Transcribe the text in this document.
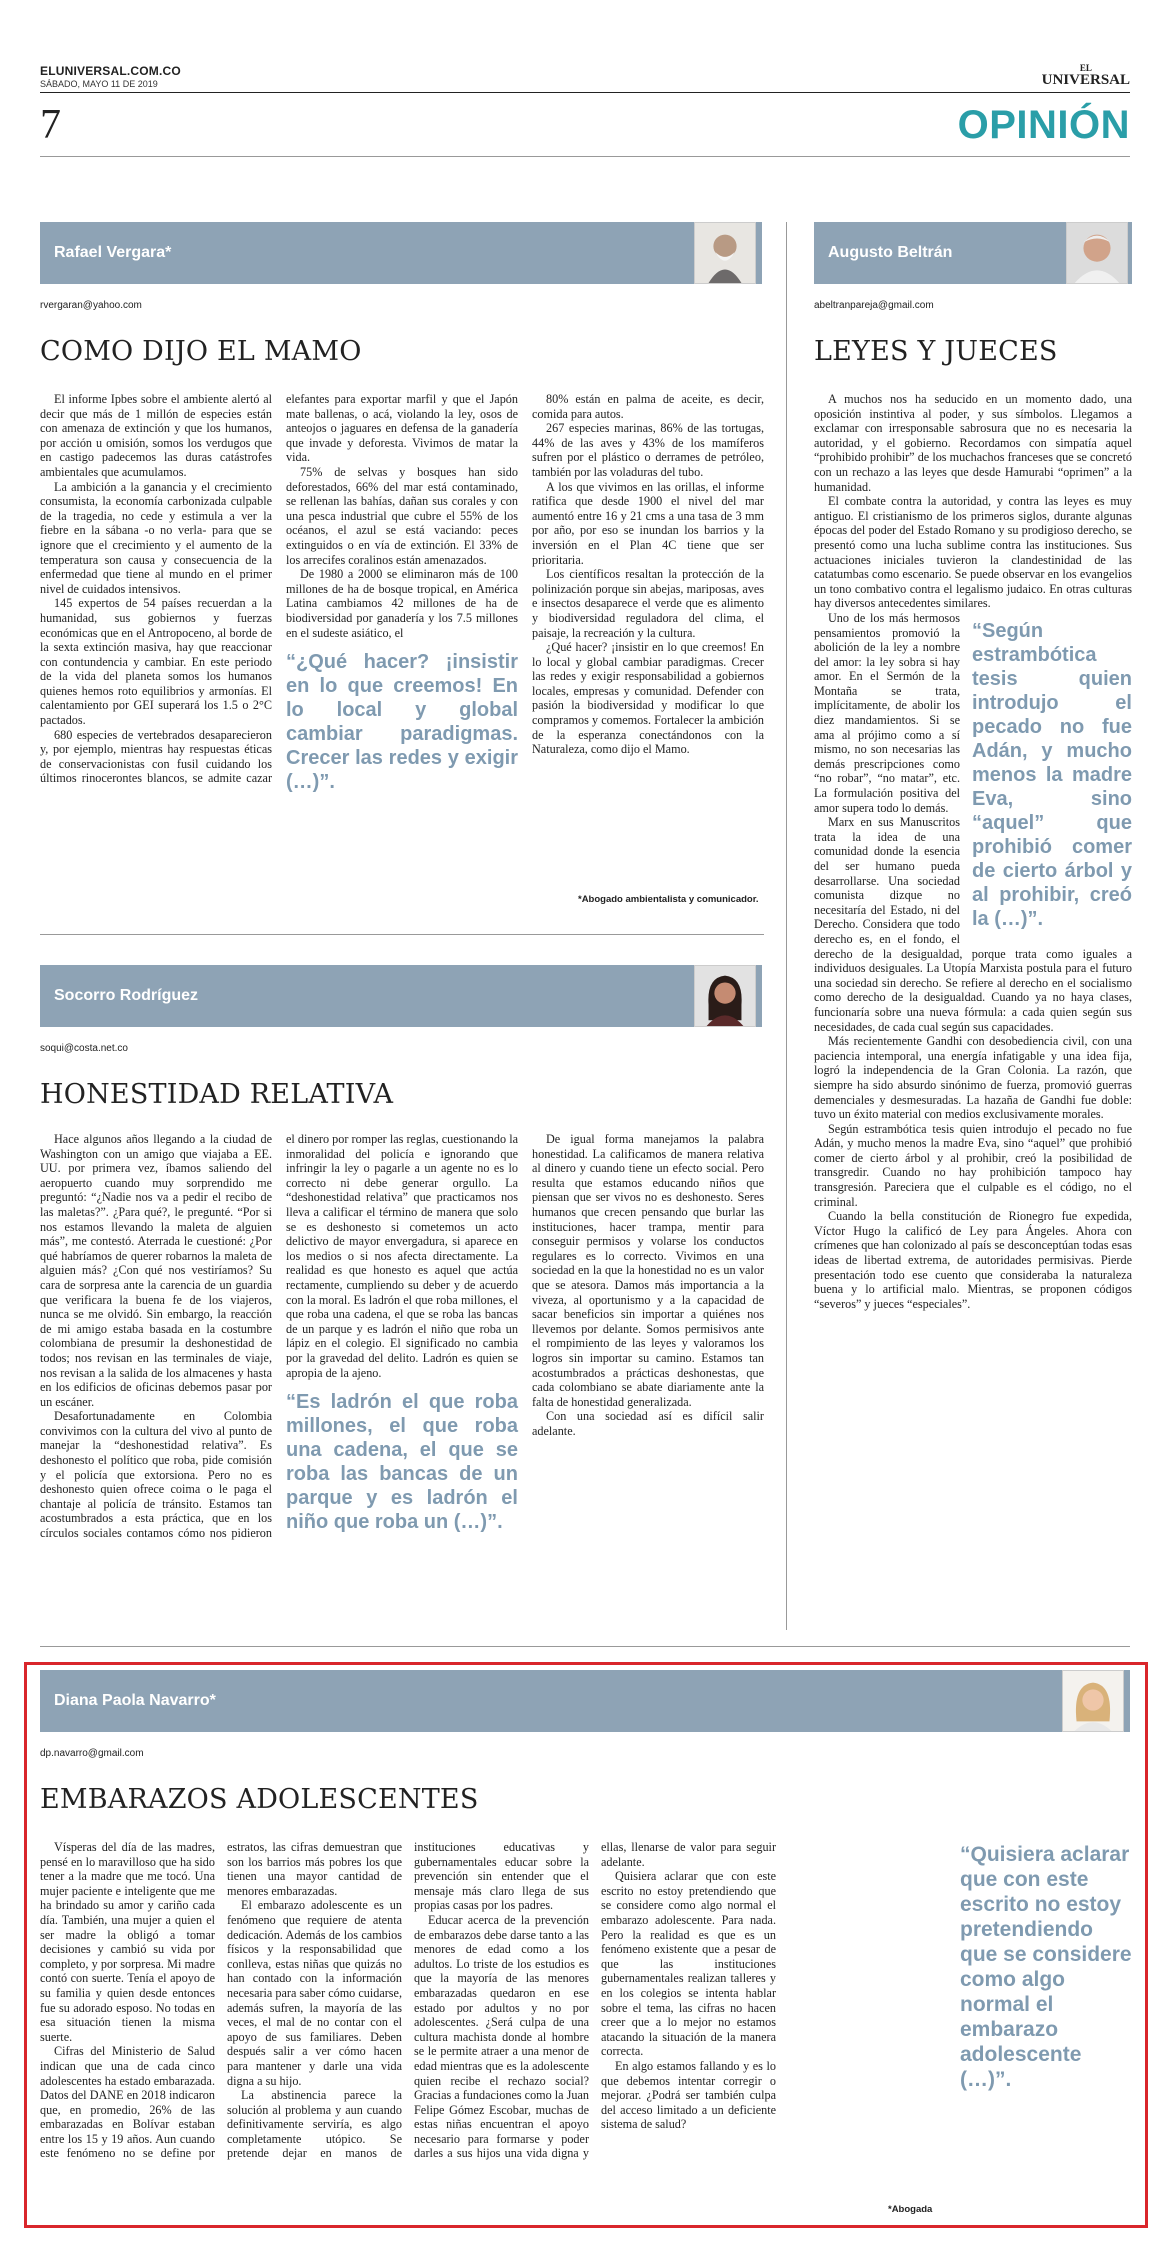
ELUNIVERSAL.COM.CO
SÁBADO, MAYO 11 DE 2019
EL
UNIVERSAL
7	OPINIÓN
Rafael Vergara*
rvergaran@yahoo.com
COMO DIJO EL MAMO

El informe Ipbes sobre el ambiente alertó al decir que más de 1 millón de especies están con amenaza de extinción y que los humanos, por acción u omisión, somos los verdugos que en castigo padecemos las duras catástrofes ambientales que acumulamos.

La ambición a la ganancia y el crecimiento consumista, la economía carbonizada culpable de la tragedia, no cede y estimula a ver la fiebre en la sábana -o no verla- para que se ignore que el crecimiento y el aumento de la temperatura son causa y consecuencia de la enfermedad que tiene al mundo en el primer nivel de cuidados intensivos.

145 expertos de 54 países recuerdan a la humanidad, sus gobiernos y fuerzas económicas que en el Antropoceno, al borde de la sexta extinción masiva, hay que reaccionar con contundencia y cambiar. En este periodo de la vida del planeta somos los humanos quienes hemos roto equilibrios y armonías. El calentamiento por GEI superará los 1.5 o 2°C pactados.

680 especies de vertebrados desaparecieron y, por ejemplo, mientras hay respuestas éticas de conservacionistas con fusil cuidando los últimos rinocerontes blancos, se admite cazar elefantes para exportar marfil y que el Japón mate ballenas, o acá, violando la ley, osos de anteojos o jaguares en defensa de la ganadería que invade y deforesta. Vivimos de matar la vida.

75% de selvas y bosques han sido deforestados, 66% del mar está contaminado, se rellenan las bahías, dañan sus corales y con una pesca industrial que cubre el 55% de los océanos, el azul se está vaciando: peces extinguidos o en vía de extinción. El 33% de los arrecifes coralinos están amenazados.

De 1980 a 2000 se eliminaron más de 100 millones de ha de bosque tropical, en América Latina cambiamos 42 millones de ha de biodiversidad por ganadería y los 7.5 millones en el sudeste asiático, el

“¿Qué hacer? ¡insistir en lo que creemos! En lo local y global cambiar paradigmas. Crecer las redes y exigir (…)”.

80% están en palma de aceite, es decir, comida para autos.

267 especies marinas, 86% de las tortugas, 44% de las aves y 43% de los mamíferos sufren por el plástico o derrames de petróleo, también por las voladuras del tubo.

A los que vivimos en las orillas, el informe ratifica que desde 1900 el nivel del mar aumentó entre 16 y 21 cms a una tasa de 3 mm por año, por eso se inundan los barrios y la inversión en el Plan 4C tiene que ser prioritaria.

Los científicos resaltan la protección de la polinización porque sin abejas, mariposas, aves e insectos desaparece el verde que es alimento y biodiversidad reguladora del clima, el paisaje, la recreación y la cultura.

¿Qué hacer? ¡insistir en lo que creemos! En lo local y global cambiar paradigmas. Crecer las redes y exigir responsabilidad a gobiernos locales, empresas y comunidad. Defender con pasión la biodiversidad y modificar lo que compramos y comemos. Fortalecer la ambición de la esperanza conectándonos con la Naturaleza, como dijo el Mamo.

*Abogado ambientalista y comunicador.
Augusto Beltrán
abeltranpareja@gmail.com
LEYES Y JUECES

A muchos nos ha seducido en un momento dado, una oposición instintiva al poder, y sus símbolos. Llegamos a exclamar con irresponsable sabrosura que no es necesaria la autoridad, y el gobierno. Recordamos con simpatía aquel “prohibido prohibir” de los muchachos franceses que se concretó con un rechazo a las leyes que desde Hamurabi “oprimen” a la humanidad.

El combate contra la autoridad, y contra las leyes es muy antiguo. El cristianismo de los primeros siglos, durante algunas épocas del poder del Estado Romano y su prodigioso derecho, se presentó como una lucha sublime contra las instituciones. Sus actuaciones iniciales tuvieron la clandestinidad de las catatumbas como escenario. Se puede observar en los evangelios un tono combativo contra el legalismo judaico. En otras culturas hay diversos antecedentes similares.

“Según estrambótica tesis quien introdujo el pecado no fue Adán, y mucho menos la madre Eva, sino “aquel” que prohibió comer de cierto árbol y al prohibir, creó la (…)”.

Uno de los más hermosos pensamientos promovió la abolición de la ley a nombre del amor: la ley sobra si hay amor. En el Sermón de la Montaña se trata, implícitamente, de abolir los diez mandamientos. Si se ama al prójimo como a sí mismo, no son necesarias las demás prescripciones como “no robar”, “no matar”, etc. La formulación positiva del amor supera todo lo demás.

Marx en sus Manuscritos trata la idea de una comunidad donde la esencia del ser humano pueda desarrollarse. Una sociedad comunista dizque no necesitaría del Estado, ni del Derecho. Considera que todo derecho es, en el fondo, el derecho de la desigualdad, porque trata como iguales a individuos desiguales. La Utopía Marxista postula para el futuro una sociedad sin derecho. Se refiere al derecho en el socialismo como derecho de la desigualdad. Cuando ya no haya clases, funcionaría sobre una nueva fórmula: a cada quien según sus necesidades, de cada cual según sus capacidades.

Más recientemente Gandhi con desobediencia civil, con una paciencia intemporal, una energía infatigable y una idea fija, logró la independencia de la Gran Colonia. La razón, que siempre ha sido absurdo sinónimo de fuerza, promovió guerras demenciales y desmesuradas. La hazaña de Gandhi fue doble: tuvo un éxito material con medios exclusivamente morales.

Según estrambótica tesis quien introdujo el pecado no fue Adán, y mucho menos la madre Eva, sino “aquel” que prohibió comer de cierto árbol y al prohibir, creó la posibilidad de transgredir. Cuando no hay prohibición tampoco hay transgresión. Pareciera que el culpable es el código, no el criminal.

Cuando la bella constitución de Rionegro fue expedida, Víctor Hugo la calificó de Ley para Ángeles. Ahora con crímenes que han colonizado al país se desconceptúan todas esas ideas de libertad extrema, de autoridades permisivas. Pierde presentación todo ese cuento que consideraba la naturaleza buena y lo artificial malo. Mientras, se proponen códigos “severos” y jueces “especiales”.

Socorro Rodríguez
soqui@costa.net.co
HONESTIDAD RELATIVA

Hace algunos años llegando a la ciudad de Washington con un amigo que viajaba a EE. UU. por primera vez, íbamos saliendo del aeropuerto cuando muy sorprendido me preguntó: “¿Nadie nos va a pedir el recibo de las maletas?”. ¿Para qué?, le pregunté. “Por si nos estamos llevando la maleta de alguien más”, me contestó. Aterrada le cuestioné: ¿Por qué habríamos de querer robarnos la maleta de alguien más? ¿Con qué nos vestiríamos? Su cara de sorpresa ante la carencia de un guardia que verificara la buena fe de los viajeros, nunca se me olvidó. Sin embargo, la reacción de mi amigo estaba basada en la costumbre colombiana de presumir la deshonestidad de todos; nos revisan en las terminales de viaje, nos revisan a la salida de los almacenes y hasta en los edificios de oficinas debemos pasar por un escáner.

Desafortunadamente en Colombia convivimos con la cultura del vivo al punto de manejar la “deshonestidad relativa”. Es deshonesto el político que roba, pide comisión y el policía que extorsiona. Pero no es deshonesto quien ofrece coima o le paga el chantaje al policía de tránsito. Estamos tan acostumbrados a esta práctica, que en los círculos sociales contamos cómo nos pidieron el dinero por romper las reglas, cuestionando la inmoralidad del policía e ignorando que infringir la ley o pagarle a un agente no es lo correcto ni debe generar orgullo. La “deshonestidad relativa” que practicamos nos lleva a calificar el término de manera que solo se es deshonesto si cometemos un acto delictivo de mayor envergadura, si aparece en los medios o si nos afecta directamente. La realidad es que honesto es aquel que actúa rectamente, cumpliendo su deber y de acuerdo con la moral. Es ladrón el que roba millones, el que roba una cadena, el que se roba las bancas de un parque y es ladrón el niño que roba un lápiz en el colegio. El significado no cambia por la gravedad del delito. Ladrón es quien se apropia de la ajeno.

“Es ladrón el que roba millones, el que roba una cadena, el que se roba las bancas de un parque y es ladrón el niño que roba un (…)”.

De igual forma manejamos la palabra honestidad. La calificamos de manera relativa al dinero y cuando tiene un efecto social. Pero resulta que estamos educando niños que piensan que ser vivos no es deshonesto. Seres humanos que crecen pensando que burlar las instituciones, hacer trampa, mentir para conseguir permisos y volarse los conductos regulares es lo correcto. Vivimos en una sociedad en la que la honestidad no es un valor que se atesora. Damos más importancia a la viveza, al oportunismo y a la capacidad de sacar beneficios sin importar a quiénes nos llevemos por delante. Somos permisivos ante el rompimiento de las leyes y valoramos los logros sin importar su camino. Estamos tan acostumbrados a prácticas deshonestas, que cada colombiano se abate diariamente ante la falta de honestidad generalizada.

Con una sociedad así es difícil salir adelante.

Diana Paola Navarro*
dp.navarro@gmail.com
EMBARAZOS ADOLESCENTES

Vísperas del día de las madres, pensé en lo maravilloso que ha sido tener a la madre que me tocó. Una mujer paciente e inteligente que me ha brindado su amor y cariño cada día. También, una mujer a quien el ser madre la obligó a tomar decisiones y cambió su vida por completo, y por sorpresa. Mi madre contó con suerte. Tenía el apoyo de su familia y quien desde entonces fue su adorado esposo. No todas en esa situación tienen la misma suerte.

Cifras del Ministerio de Salud indican que una de cada cinco adolescentes ha estado embarazada. Datos del DANE en 2018 indicaron que, en promedio, 26% de las embarazadas en Bolívar estaban entre los 15 y 19 años. Aun cuando este fenómeno no se define por estratos, las cifras demuestran que son los barrios más pobres los que tienen una mayor cantidad de menores embarazadas.

El embarazo adolescente es un fenómeno que requiere de atenta dedicación. Además de los cambios físicos y la responsabilidad que conlleva, estas niñas que quizás no han contado con la información necesaria para saber cómo cuidarse, además sufren, la mayoría de las veces, el mal de no contar con el apoyo de sus familiares. Deben después salir a ver cómo hacen para mantener y darle una vida digna a su hijo.

La abstinencia parece la solución al problema y aun cuando definitivamente serviría, es algo completamente utópico. Se pretende dejar en manos de instituciones educativas y gubernamentales educar sobre la prevención sin entender que el mensaje más claro llega de sus propias casas por los padres.

Educar acerca de la prevención de embarazos debe darse tanto a las menores de edad como a los adultos. Lo triste de los estudios es que la mayoría de las menores embarazadas quedaron en ese estado por adultos y no por adolescentes. ¿Será culpa de una cultura machista donde al hombre se le permite atraer a una menor de edad mientras que es la adolescente quien recibe el rechazo social? Gracias a fundaciones como la Juan Felipe Gómez Escobar, muchas de estas niñas encuentran el apoyo necesario para formarse y poder darles a sus hijos una vida digna y ellas, llenarse de valor para seguir adelante.

Quisiera aclarar que con este escrito no estoy pretendiendo que se considere como algo normal el embarazo adolescente. Para nada. Pero la realidad es que es un fenómeno existente que a pesar de que las instituciones gubernamentales realizan talleres y en los colegios se intenta hablar sobre el tema, las cifras no hacen creer que a lo mejor no estamos atacando la situación de la manera correcta.

En algo estamos fallando y es lo que debemos intentar corregir o mejorar. ¿Podrá ser también culpa del acceso limitado a un deficiente sistema de salud?

“Quisiera aclarar que con este escrito no estoy pretendiendo que se considere como algo normal el embarazo adolescente (…)”.
*Abogada
